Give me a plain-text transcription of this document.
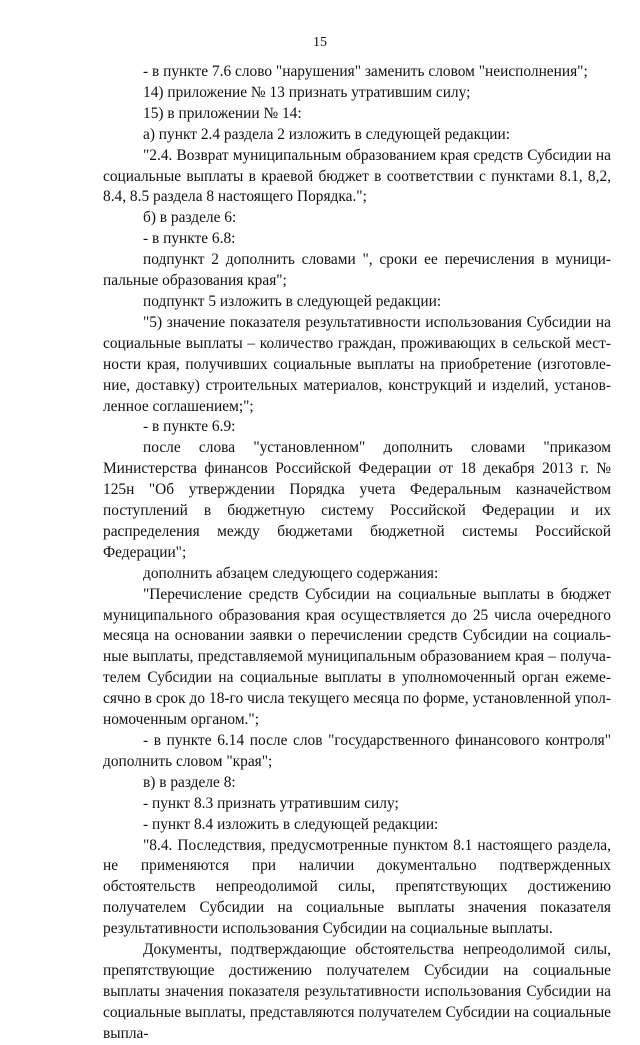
15

- в пункте 7.6 слово "нарушения" заменить словом "неисполнения";

14) приложение № 13 признать утратившим силу;

15) в приложении № 14:

а) пункт 2.4 раздела 2 изложить в следующей редакции:

"2.4. Возврат муниципальным образованием края средств Субсидии на социальные выплаты в краевой бюджет в соответствии с пунктами 8.1, 8,2, 8.4, 8.5 раздела 8 настоящего Порядка.";

б) в разделе 6:

- в пункте 6.8:

подпункт 2 дополнить словами ", сроки ее перечисления в муниципальные образования края";

подпункт 5 изложить в следующей редакции:

"5) значение показателя результативности использования Субсидии на социальные выплаты – количество граждан, проживающих в сельской местности края, получивших социальные выплаты на приобретение (изготовление, доставку) строительных материалов, конструкций и изделий, установленное соглашением;";

- в пункте 6.9:

после слова "установленном" дополнить словами "приказом Министерства финансов Российской Федерации от 18 декабря 2013 г. № 125н "Об утверждении Порядка учета Федеральным казначейством поступлений в бюджетную систему Российской Федерации и их распределения между бюджетами бюджетной системы Российской Федерации";

дополнить абзацем следующего содержания:

"Перечисление средств Субсидии на социальные выплаты в бюджет муниципального образования края осуществляется до 25 числа очередного месяца на основании заявки о перечислении средств Субсидии на социальные выплаты, представляемой муниципальным образованием края – получателем Субсидии на социальные выплаты в уполномоченный орган ежемесячно в срок до 18-го числа текущего месяца по форме, установленной уполномоченным органом.";

- в пункте 6.14 после слов "государственного финансового контроля" дополнить словом "края";

в) в разделе 8:

- пункт 8.3 признать утратившим силу;

- пункт 8.4 изложить в следующей редакции:

"8.4. Последствия, предусмотренные пунктом 8.1 настоящего раздела, не применяются при наличии документально подтвержденных обстоятельств непреодолимой силы, препятствующих достижению получателем Субсидии на социальные выплаты значения показателя результативности использования Субсидии на социальные выплаты.

Документы, подтверждающие обстоятельства непреодолимой силы, препятствующие достижению получателем Субсидии на социальные выплаты значения показателя результативности использования Субсидии на социальные выплаты, представляются получателем Субсидии на социальные выпла-
